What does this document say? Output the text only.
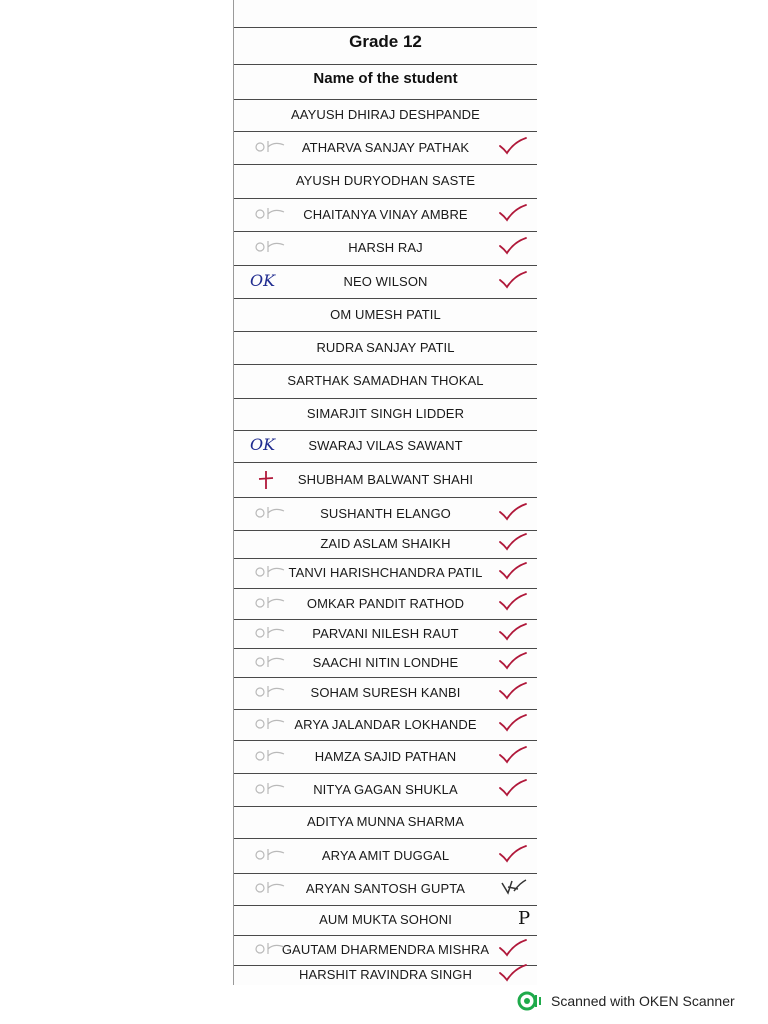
Grade 12
Name of the student
AAYUSH DHIRAJ DESHPANDE
ATHARVA SANJAY PATHAK
AYUSH DURYODHAN SASTE
CHAITANYA VINAY AMBRE
HARSH RAJ
NEO WILSON
OK
OM UMESH PATIL
RUDRA SANJAY PATIL
SARTHAK SAMADHAN THOKAL
SIMARJIT SINGH LIDDER
SWARAJ VILAS SAWANT
OK
SHUBHAM BALWANT SHAHI
SUSHANTH ELANGO
ZAID ASLAM SHAIKH
TANVI HARISHCHANDRA PATIL
OMKAR PANDIT RATHOD
PARVANI NILESH RAUT
SAACHI NITIN LONDHE
SOHAM SURESH KANBI
ARYA JALANDAR LOKHANDE
HAMZA SAJID PATHAN
NITYA GAGAN SHUKLA
ADITYA MUNNA SHARMA
ARYA AMIT DUGGAL
ARYAN SANTOSH GUPTA
AUM MUKTA SOHONI	P
GAUTAM DHARMENDRA MISHRA
HARSHIT RAVINDRA SINGH
Scanned with OKEN Scanner
